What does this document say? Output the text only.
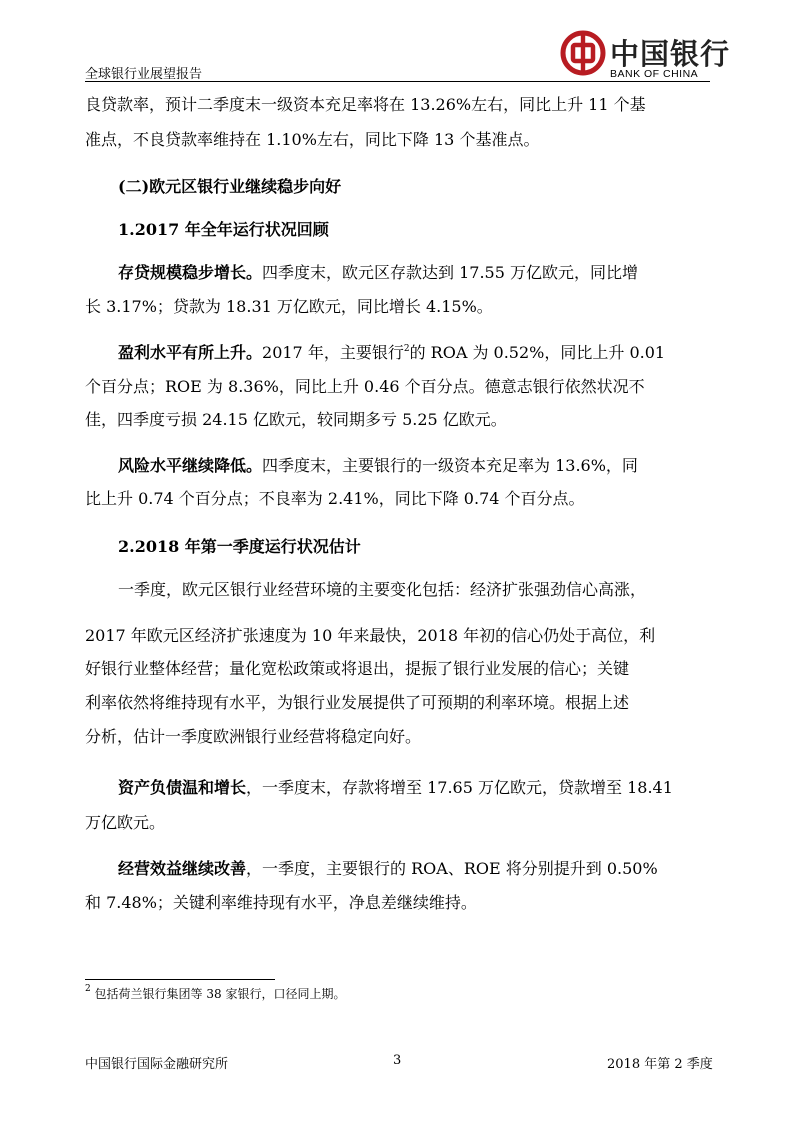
全球银行业展望报告
中国银行
BANK OF CHINA
良贷款率，预计二季度末一级资本充足率将在 13.26%左右，同比上升 11 个基
准点，不良贷款率维持在 1.10%左右，同比下降 13 个基准点。
(二)欧元区银行业继续稳步向好
1.2017 年全年运行状况回顾
存贷规模稳步增长。四季度末，欧元区存款达到 17.55 万亿欧元，同比增
长 3.17%；贷款为 18.31 万亿欧元，同比增长 4.15%。
盈利水平有所上升。2017 年，主要银行$^2$的 ROA 为 0.52%，同比上升 0.01
个百分点；ROE 为 8.36%，同比上升 0.46 个百分点。德意志银行依然状况不
佳，四季度亏损 24.15 亿欧元，较同期多亏 5.25 亿欧元。
风险水平继续降低。四季度末，主要银行的一级资本充足率为 13.6%，同
比上升 0.74 个百分点；不良率为 2.41%，同比下降 0.74 个百分点。
2.2018 年第一季度运行状况估计
一季度，欧元区银行业经营环境的主要变化包括：经济扩张强劲信心高涨，
2017 年欧元区经济扩张速度为 10 年来最快，2018 年初的信心仍处于高位，利
好银行业整体经营；量化宽松政策或将退出，提振了银行业发展的信心；关键
利率依然将维持现有水平，为银行业发展提供了可预期的利率环境。根据上述
分析，估计一季度欧洲银行业经营将稳定向好。
资产负债温和增长，一季度末，存款将增至 17.65 万亿欧元，贷款增至 18.41
万亿欧元。
经营效益继续改善，一季度，主要银行的 ROA、ROE 将分别提升到 0.50%
和 7.48%；关键利率维持现有水平，净息差继续维持。
$^2$ 包括荷兰银行集团等 38 家银行，口径同上期。
中国银行国际金融研究所	3	2018 年第 2 季度
